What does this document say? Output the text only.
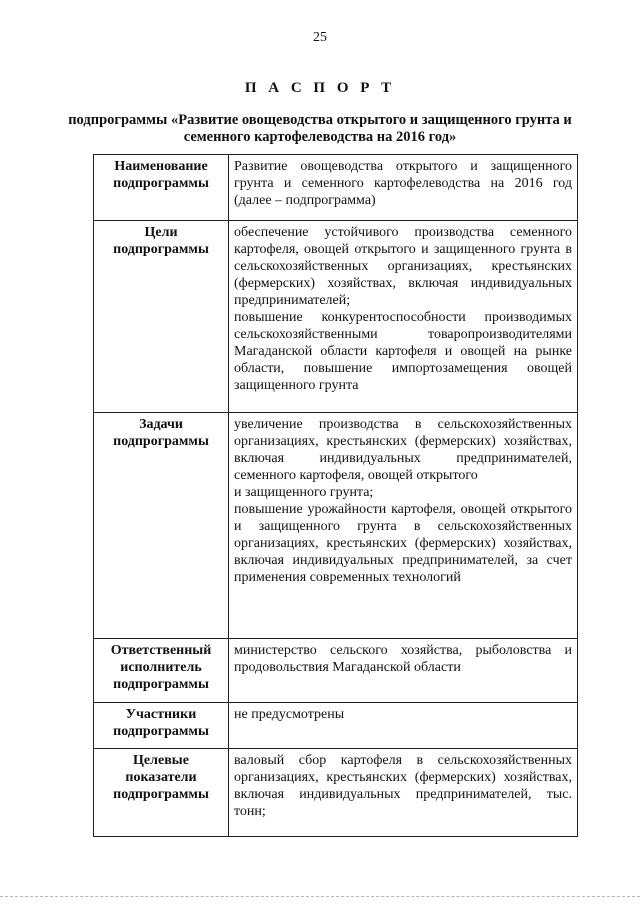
25
П А С П О Р Т
подпрограммы «Развитие овощеводства открытого и защищенного грунта и семенного картофелеводства на 2016 год»
Наименование подпрограммы	Развитие овощеводства открытого и защищенного грунта и семенного картофелеводства на 2016 год (далее – подпрограмма)

Цели подпрограммы	обеспечение устойчивого производства семенного картофеля, овощей открытого и защищенного грунта в сельскохозяйственных организациях, крестьянских (фермерских) хозяйствах, включая индивидуальных предпринимателей;
повышение конкурентоспособности производимых сельскохозяйственными товаропроизводителями Магаданской области картофеля и овощей на рынке области, повышение импортозамещения овощей защищенного грунта

Задачи подпрограммы	увеличение производства в сельскохозяйственных организациях, крестьянских (фермерских) хозяйствах, включая индивидуальных предпринимателей, семенного картофеля, овощей открытого
и защищенного грунта;
повышение урожайности картофеля, овощей открытого и защищенного грунта в сельскохозяйственных организациях, крестьянских (фермерских) хозяйствах, включая индивидуальных предпринимателей, за счет применения современных технологий

Ответственный исполнитель подпрограммы	министерство сельского хозяйства, рыболовства и продовольствия Магаданской области

Участники подпрограммы	не предусмотрены

Целевые показатели подпрограммы	валовый сбор картофеля в сельскохозяйственных организациях, крестьянских (фермерских) хозяйствах, включая индивидуальных предпринимателей, тыс. тонн;
